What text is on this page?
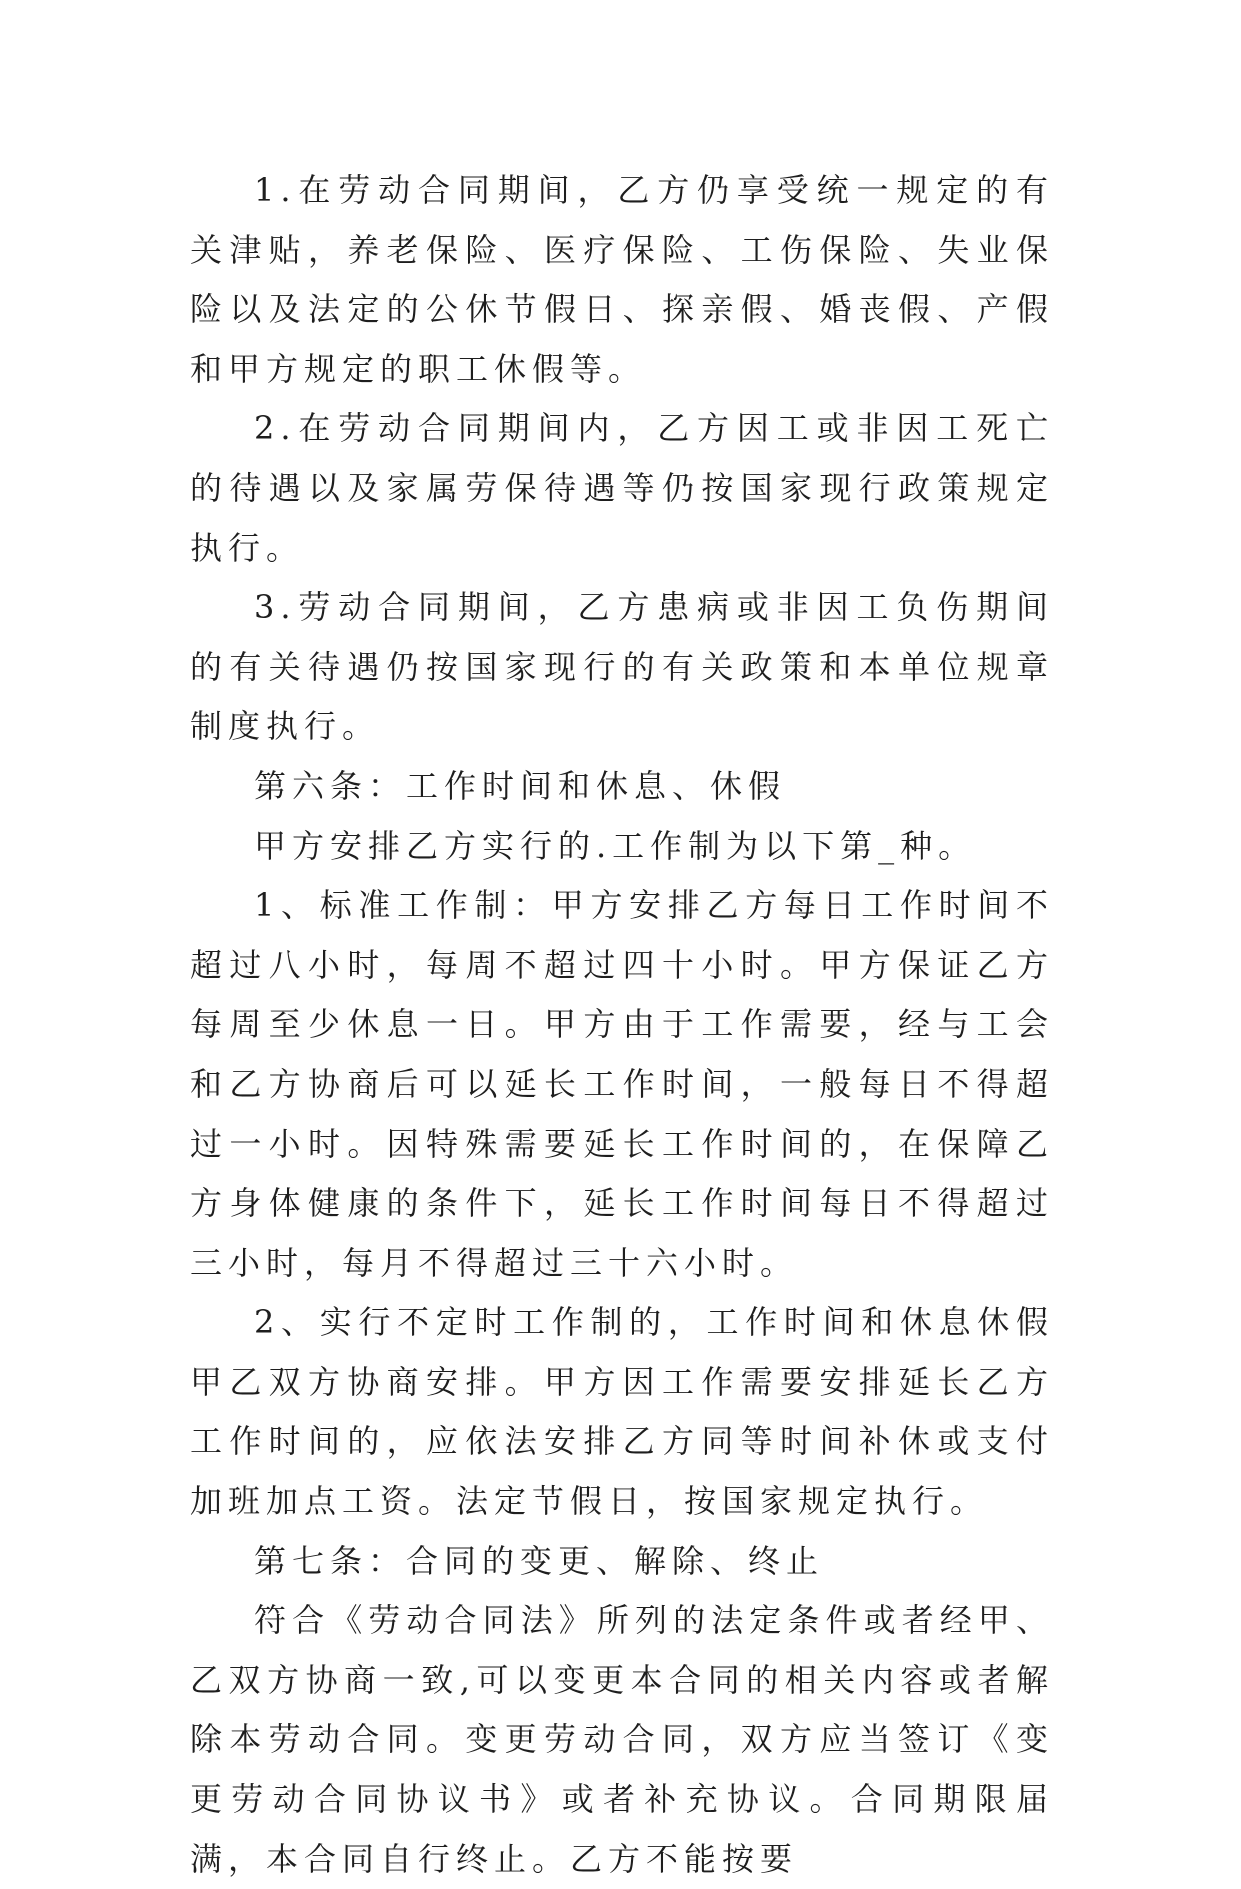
1.在劳动合同期间，乙方仍享受统一规定的有关津贴，养老保险、医疗保险、工伤保险、失业保险以及法定的公休节假日、探亲假、婚丧假、产假和甲方规定的职工休假等。

2.在劳动合同期间内，乙方因工或非因工死亡的待遇以及家属劳保待遇等仍按国家现行政策规定执行。

3.劳动合同期间，乙方患病或非因工负伤期间的有关待遇仍按国家现行的有关政策和本单位规章制度执行。

第六条：工作时间和休息、休假

甲方安排乙方实行的.工作制为以下第_种。

1、标准工作制：甲方安排乙方每日工作时间不超过八小时，每周不超过四十小时。甲方保证乙方每周至少休息一日。甲方由于工作需要，经与工会和乙方协商后可以延长工作时间，一般每日不得超过一小时。因特殊需要延长工作时间的，在保障乙方身体健康的条件下，延长工作时间每日不得超过三小时，每月不得超过三十六小时。

2、实行不定时工作制的，工作时间和休息休假甲乙双方协商安排。甲方因工作需要安排延长乙方工作时间的，应依法安排乙方同等时间补休或支付加班加点工资。法定节假日，按国家规定执行。

第七条：合同的变更、解除、终止

符合《劳动合同法》所列的法定条件或者经甲、乙双方协商一致,可以变更本合同的相关内容或者解除本劳动合同。变更劳动合同，双方应当签订《变更劳动合同协议书》或者补充协议。合同期限届满，本合同自行终止。乙方不能按要
